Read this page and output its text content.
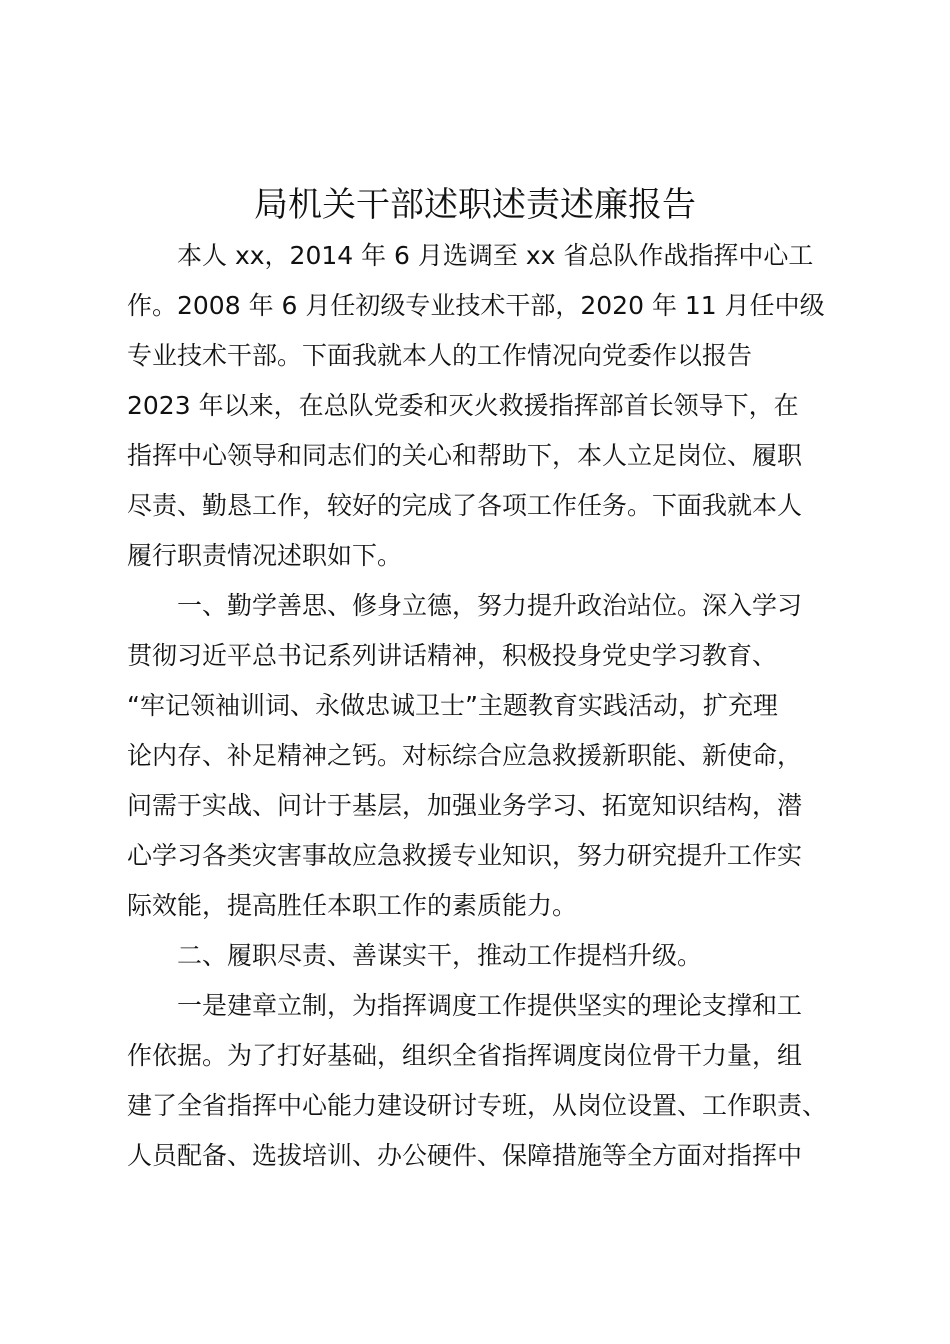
局机关干部述职述责述廉报告
本人 xx，2014 年 6 月选调至 xx 省总队作战指挥中心工
作。2008 年 6 月任初级专业技术干部，2020 年 11 月任中级
专业技术干部。下面我就本人的工作情况向党委作以报告
2023 年以来，在总队党委和灭火救援指挥部首长领导下，在
指挥中心领导和同志们的关心和帮助下，本人立足岗位、履职
尽责、勤恳工作，较好的完成了各项工作任务。下面我就本人
履行职责情况述职如下。
一、勤学善思、修身立德，努力提升政治站位。深入学习
贯彻习近平总书记系列讲话精神，积极投身党史学习教育、
“牢记领袖训词、永做忠诚卫士”主题教育实践活动，扩充理
论内存、补足精神之钙。对标综合应急救援新职能、新使命，
问需于实战、问计于基层，加强业务学习、拓宽知识结构，潜
心学习各类灾害事故应急救援专业知识，努力研究提升工作实
际效能，提高胜任本职工作的素质能力。
二、履职尽责、善谋实干，推动工作提档升级。
一是建章立制，为指挥调度工作提供坚实的理论支撑和工
作依据。为了打好基础，组织全省指挥调度岗位骨干力量，组
建了全省指挥中心能力建设研讨专班，从岗位设置、工作职责、
人员配备、选拔培训、办公硬件、保障措施等全方面对指挥中
